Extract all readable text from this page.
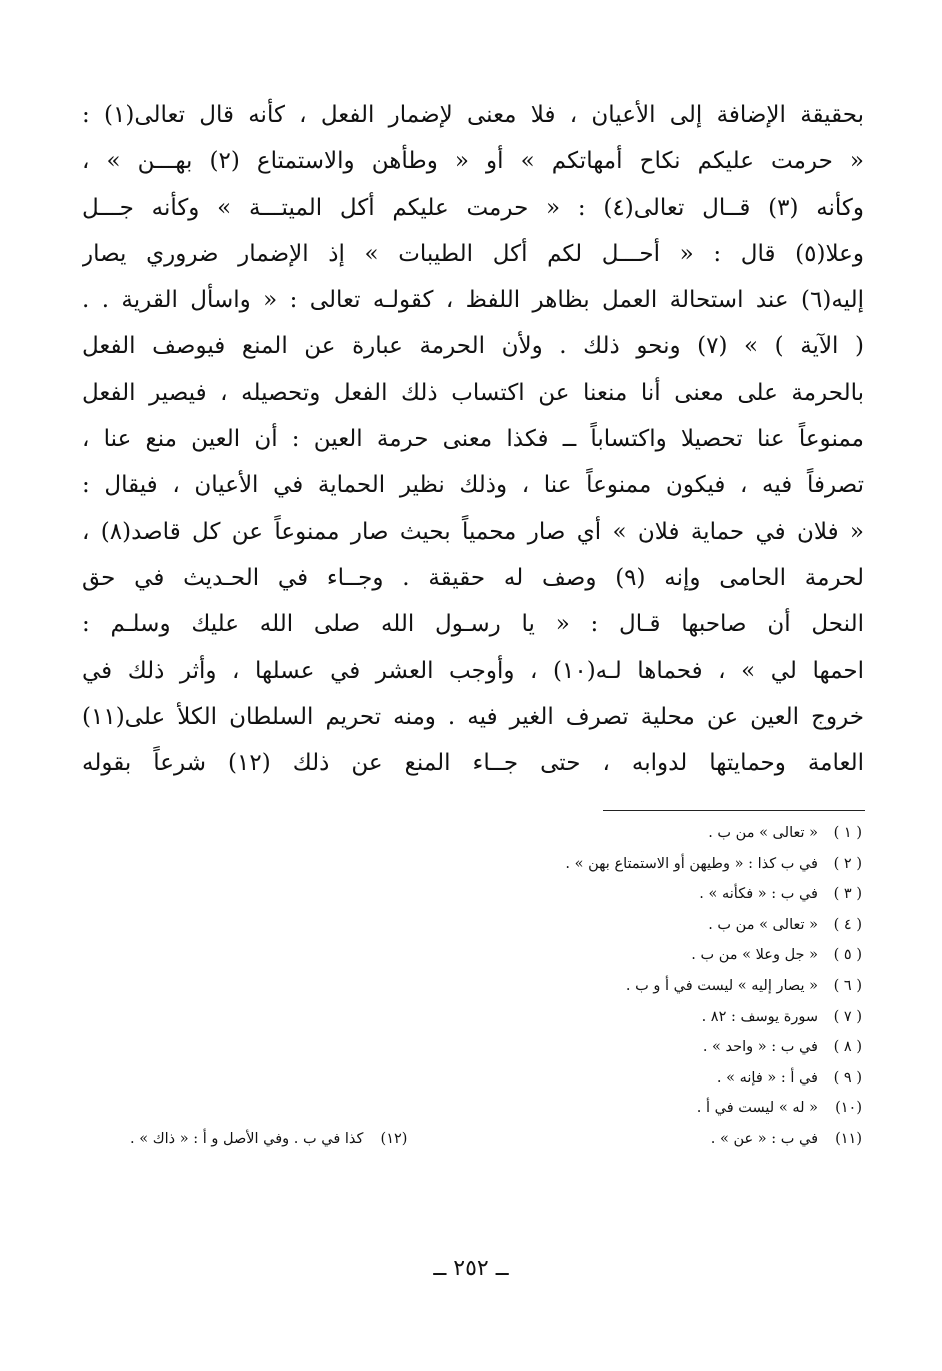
بحقيقة الإضافة إلى الأعيان ، فلا معنى لإضمار الفعل ، كأنه قال تعالى(١) :
« حرمت عليكم نكاح أمهاتكم » أو « وطأهن والاستمتاع (٢) بهـــن » ،
وكأنه (٣) قــال تعالى(٤) : « حرمت عليكم أكل الميتـــة » وكأنه جـــل
وعلا(٥) قال : « أحـــل لكم أكل الطيبات » إذ الإضمار ضروري يصار
إليه(٦) عند استحالة العمل بظاهر اللفظ ، كقولـه تعالى : « واسأل القرية . .
( الآية ) » (٧) ونحو ذلك . ولأن الحرمة عبارة عن المنع فيوصف الفعل
بالحرمة على معنى أنا منعنا عن اكتساب ذلك الفعل وتحصيله ، فيصير الفعل
ممنوعاً عنا تحصيلا واكتساباً ــ فكذا معنى حرمة العين : أن العين منع عنا ،
تصرفاً فيه ، فيكون ممنوعاً عنا ، وذلك نظير الحماية في الأعيان ، فيقال :
« فلان في حماية فلان » أي صار محمياً بحيث صار ممنوعاً عن كل قاصد(٨) ،
لحرمة الحامى وإنه (٩) وصف له حقيقة . وجــاء في الحـديث في حق
النحل أن صاحبها قـال : « يا رسـول الله صلى الله عليك وسلـم :
احمها لي » ، فحماها لـه(١٠) ، وأوجب العشر في عسلها ، وأثر ذلك في
خروج العين عن محلية تصرف الغير فيه . ومنه تحريم السلطان الكلأ على(١١)
العامة وحمايتها لدوابه ، حتى جــاء المنع عن ذلك (١٢) شرعاً بقوله
( ١ )« تعالى » من ب .
( ٢ )في ب كذا : « وطيهن أو الاستمتاع بهن » .
( ٣ )في ب : « فكأنه » .
( ٤ )« تعالى » من ب .
( ٥ )« جل وعلا » من ب .
( ٦ )« يصار إليه » ليست في أ و ب .
( ٧ )سورة يوسف : ٨٢ .
( ٨ )في ب : « واحد » .
( ٩ )في أ : « فإنه » .
(١٠)« له » ليست في أ .
(١١)في ب : « عن » .
(١٢)كذا في ب . وفي الأصل و أ : « ذاك » .
ــ ٢٥٢ ــ
